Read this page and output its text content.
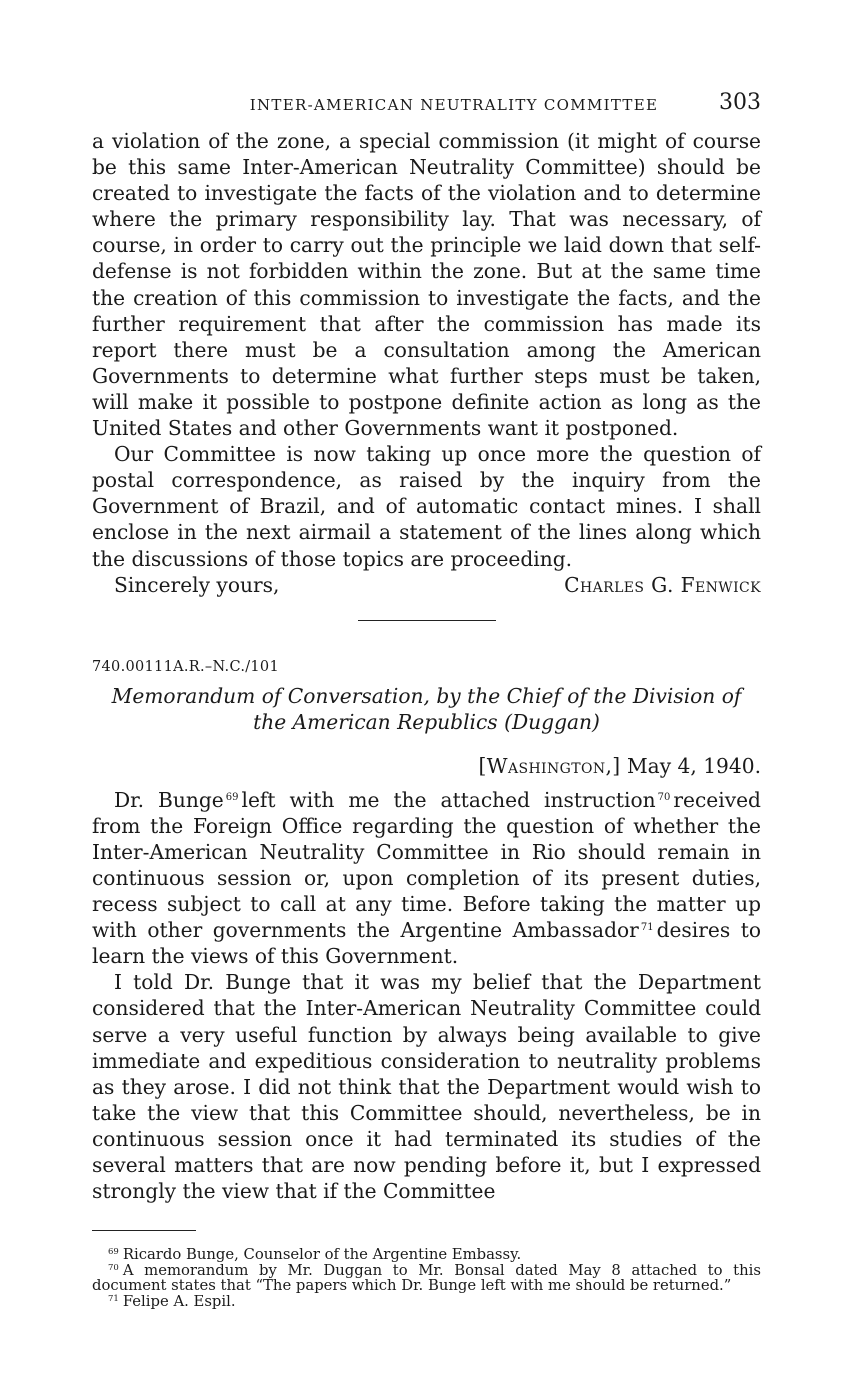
INTER-AMERICAN NEUTRALITY COMMITTEE	303

a violation of the zone, a special commission (it might of course be this same Inter-American Neutrality Committee) should be created to investigate the facts of the violation and to determine where the primary responsibility lay. That was necessary, of course, in order to carry out the principle we laid down that self-defense is not forbidden within the zone. But at the same time the creation of this commission to investigate the facts, and the further requirement that after the commission has made its report there must be a consultation among the American Governments to determine what further steps must be taken, will make it possible to postpone definite action as long as the United States and other Governments want it postponed.

Our Committee is now taking up once more the question of postal correspondence, as raised by the inquiry from the Government of Brazil, and of automatic contact mines. I shall enclose in the next airmail a statement of the lines along which the discussions of those topics are proceeding.

Sincerely yours,	Charles G. Fenwick
740.00111A.R.–N.C./101
Memorandum of Conversation, by the Chief of the Division of the American Republics (Duggan)
[Washington,] May 4, 1940.

Dr. Bunge $^{69}$ left with me the attached instruction $^{70}$ received from the Foreign Office regarding the question of whether the Inter-American Neutrality Committee in Rio should remain in continuous session or, upon completion of its present duties, recess subject to call at any time. Before taking the matter up with other governments the Argentine Ambassador $^{71}$ desires to learn the views of this Government.

I told Dr. Bunge that it was my belief that the Department considered that the Inter-American Neutrality Committee could serve a very useful function by always being available to give immediate and expeditious consideration to neutrality problems as they arose. I did not think that the Department would wish to take the view that this Committee should, nevertheless, be in continuous session once it had terminated its studies of the several matters that are now pending before it, but I expressed strongly the view that if the Committee

$^{69}$ Ricardo Bunge, Counselor of the Argentine Embassy.
$^{70}$ A memorandum by Mr. Duggan to Mr. Bonsal dated May 8 attached to this document states that “The papers which Dr. Bunge left with me should be returned.”
$^{71}$ Felipe A. Espil.
